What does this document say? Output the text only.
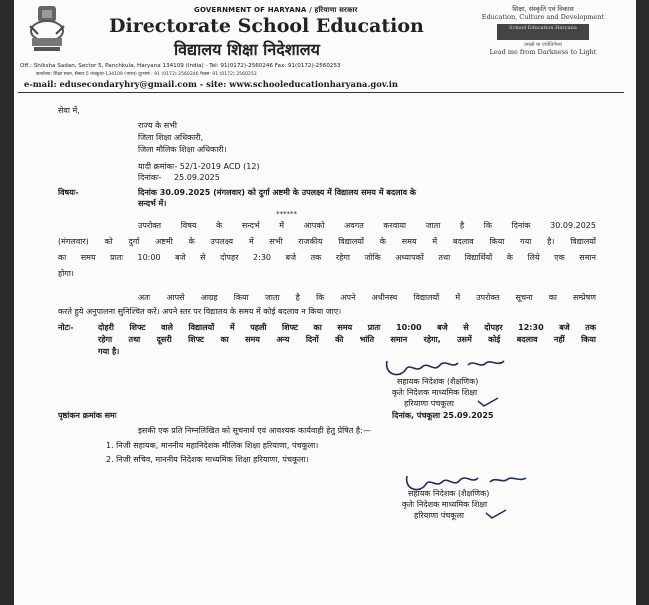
GOVERNMENT OF HARYANA / हरियाणा सरकार
Directorate School Education
विद्यालय शिक्षा निदेशालय
शिक्षा, संस्कृति एवं विकास
Education, Culture and Development
School Education Haryana
तमसो मा ज्योतिर्गमय
Lead me from Darkness to Light
Off.: Shiksha Sadan, Sector 5, Panchkula, Haryana 134109 (India) - Tel: 91(0172)-2560246 Fax: 91(0172)-2560253
कार्यालय: शिक्षा सदन, सैक्टर 5 पंचकूला-134109 (भारत) दूरभाष : 91 (0172) 2560246 फैक्स: 91 (0172) 2560253
e-mail: edusecondaryhry@gmail.com - site: www.schooleducationharyana.gov.in
सेवा में,
राज्य के सभी
जिला शिक्षा अधिकारी,
जिला मौलिक शिक्षा अधिकारी।
यादी क्रमांकः- 52/1-2019 ACD (12)
दिनांकः- 25.09.2025
विषयः-	दिनांक 30.09.2025 (मंगलवार) को दुर्गा अष्टमी के उपलक्ष्य में विद्यालय समय में बदलाव के
सन्दर्भ में।
******
उपरोक्त विषय के सन्दर्भ में आपको अवगत करवाया जाता है कि दिनांक 30.09.2025
(मंगलवार) को दुर्गा अष्टमी के उपलक्ष्य में सभी राजकीय विद्यालयों के समय में बदलाव किया गया है। विद्यालयों
का समय प्रातः 10:00 बजे से दोपहर 2:30 बजे तक रहेगा जोकि अध्यापकों तथा विद्यार्थियों के लिये एक समान
होगा।
अतः आपसे आग्रह किया जाता है कि अपने अधीनस्थ विद्यालयों में उपरोक्त सूचना का सम्प्रेषण
करते हुये अनुपालना सुनिश्चित करें। अपने स्तर पर विद्यालय के समय में कोई बदलाव न किया जाए।
नोटः-	दोहरी शिफ्ट वाले विद्यालयों में पहली शिफ्ट का समय प्रातः 10:00 बजे से दोपहर 12:30 बजे तक
रहेगा तथा दूसरी शिफ्ट का समय अन्य दिनों की भांति समान रहेगा, उसमें कोई बदलाव नहीं किया
गया है।
सहायक निदेशक (शैक्षणिक)
कृतेः निदेशक माध्यमिक शिक्षा
हरियाणा पंचकूला
पृष्ठांकन क्रमांक समः	दिनांक, पंचकूला 25.09.2025
इसकी एक प्रति निम्नलिखित को सूचनार्थ एवं आवश्यक कार्यवाही हेतु प्रेषित है:—
1. निजी सहायक, माननीय महानिदेशक मौलिक शिक्षा हरियाणा, पंचकूला।
2. निजी सचिव, माननीय निदेशक माध्यमिक शिक्षा हरियाणा, पंचकूला।
सहायक निदेशक (शैक्षणिक)
कृतेः निदेशक माध्यमिक शिक्षा
हरियाणा पंचकूला
